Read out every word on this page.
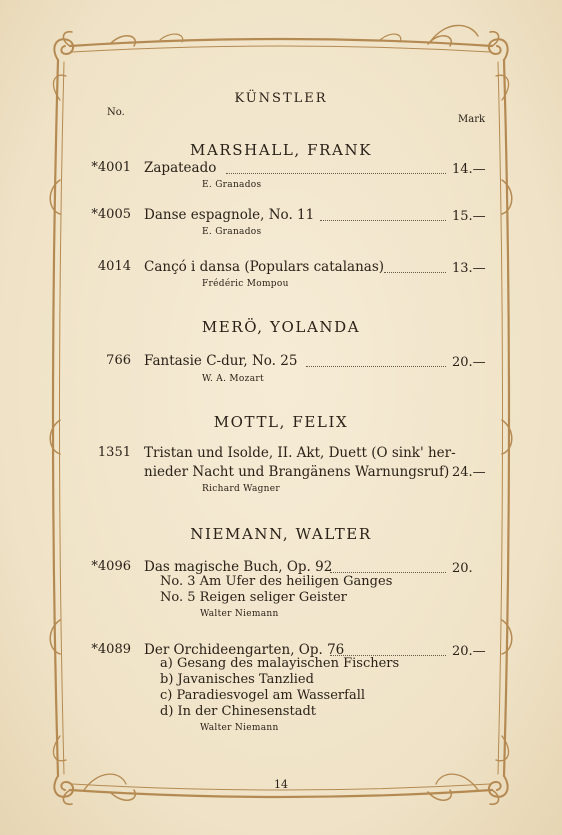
KÜNSTLER
No.
Mark
MARSHALL, FRANK
*4001 Zapateado	14.—
E. Granados
*4005 Danse espagnole, No. 11	15.—
E. Granados
4014 Cançó i dansa (Populars catalanas)	13.—
Frédéric Mompou
MERÖ, YOLANDA
766 Fantasie C-dur, No. 25	20.—
W. A. Mozart
MOTTL, FELIX
1351 Tristan und Isolde, II. Akt, Duett (O sink' her-
nieder Nacht und Brangänens Warnungsruf) 24.—
Richard Wagner
NIEMANN, WALTER
*4096 Das magische Buch, Op. 92	20.
No. 3 Am Ufer des heiligen Ganges
No. 5 Reigen seliger Geister
Walter Niemann
*4089 Der Orchideengarten, Op. 76	20.—
a) Gesang des malayischen Fischers
b) Javanisches Tanzlied
c) Paradiesvogel am Wasserfall
d) In der Chinesenstadt
Walter Niemann
14
